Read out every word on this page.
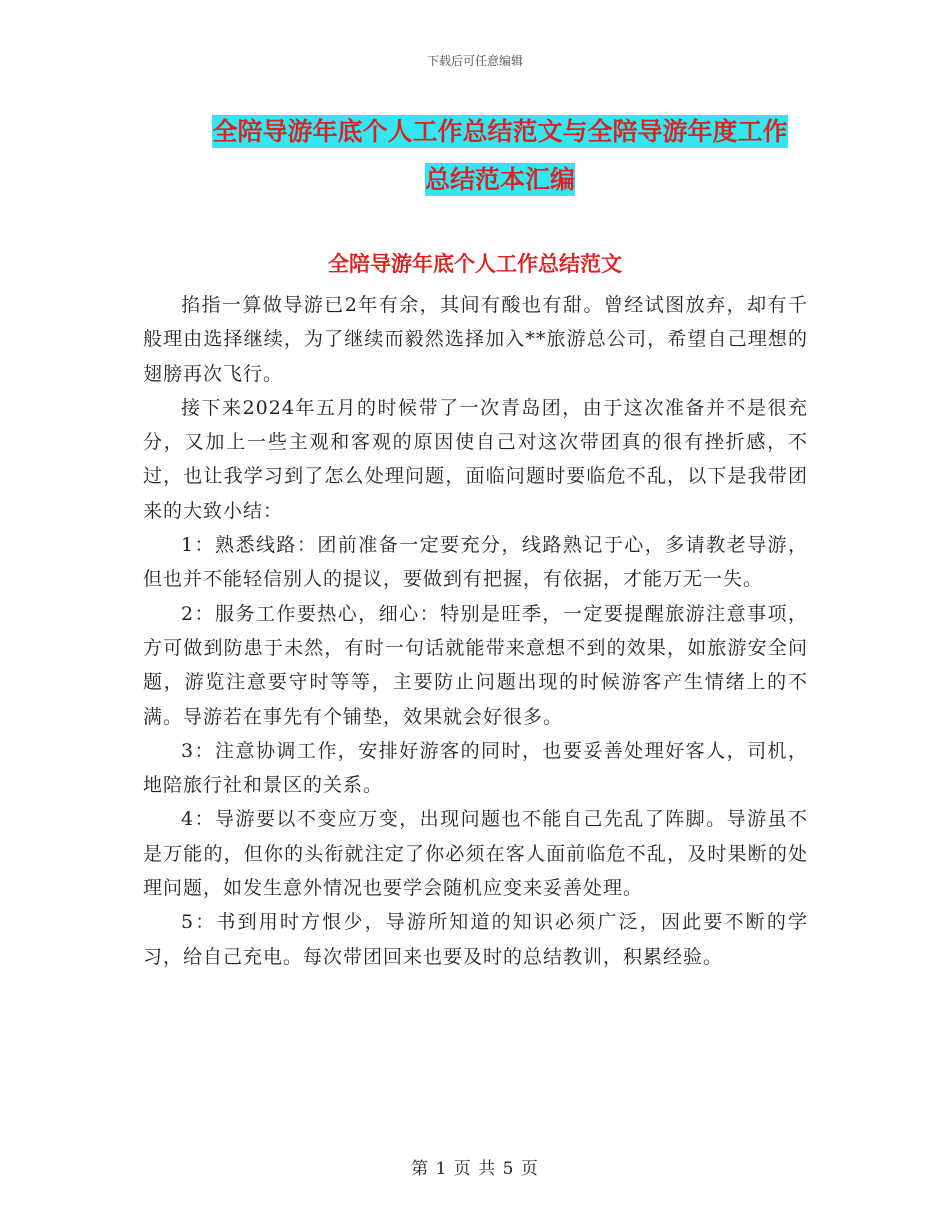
下载后可任意编辑
全陪导游年底个人工作总结范文与全陪导游年度工作
总结范本汇编
全陪导游年底个人工作总结范文

掐指一算做导游已2年有余，其间有酸也有甜。曾经试图放弃，却有千般理由选择继续，为了继续而毅然选择加入**旅游总公司，希望自己理想的翅膀再次飞行。

接下来2024年五月的时候带了一次青岛团，由于这次准备并不是很充分，又加上一些主观和客观的原因使自己对这次带团真的很有挫折感，不过，也让我学习到了怎么处理问题，面临问题时要临危不乱，以下是我带团来的大致小结：

1：熟悉线路：团前准备一定要充分，线路熟记于心，多请教老导游，但也并不能轻信别人的提议，要做到有把握，有依据，才能万无一失。

2：服务工作要热心，细心：特别是旺季，一定要提醒旅游注意事项，方可做到防患于未然，有时一句话就能带来意想不到的效果，如旅游安全问题，游览注意要守时等等，主要防止问题出现的时候游客产生情绪上的不满。导游若在事先有个铺垫，效果就会好很多。

3：注意协调工作，安排好游客的同时，也要妥善处理好客人，司机，地陪旅行社和景区的关系。

4：导游要以不变应万变，出现问题也不能自己先乱了阵脚。导游虽不是万能的，但你的头衔就注定了你必须在客人面前临危不乱，及时果断的处理问题，如发生意外情况也要学会随机应变来妥善处理。

5：书到用时方恨少，导游所知道的知识必须广泛，因此要不断的学习，给自己充电。每次带团回来也要及时的总结教训，积累经验。

第 1 页 共 5 页
